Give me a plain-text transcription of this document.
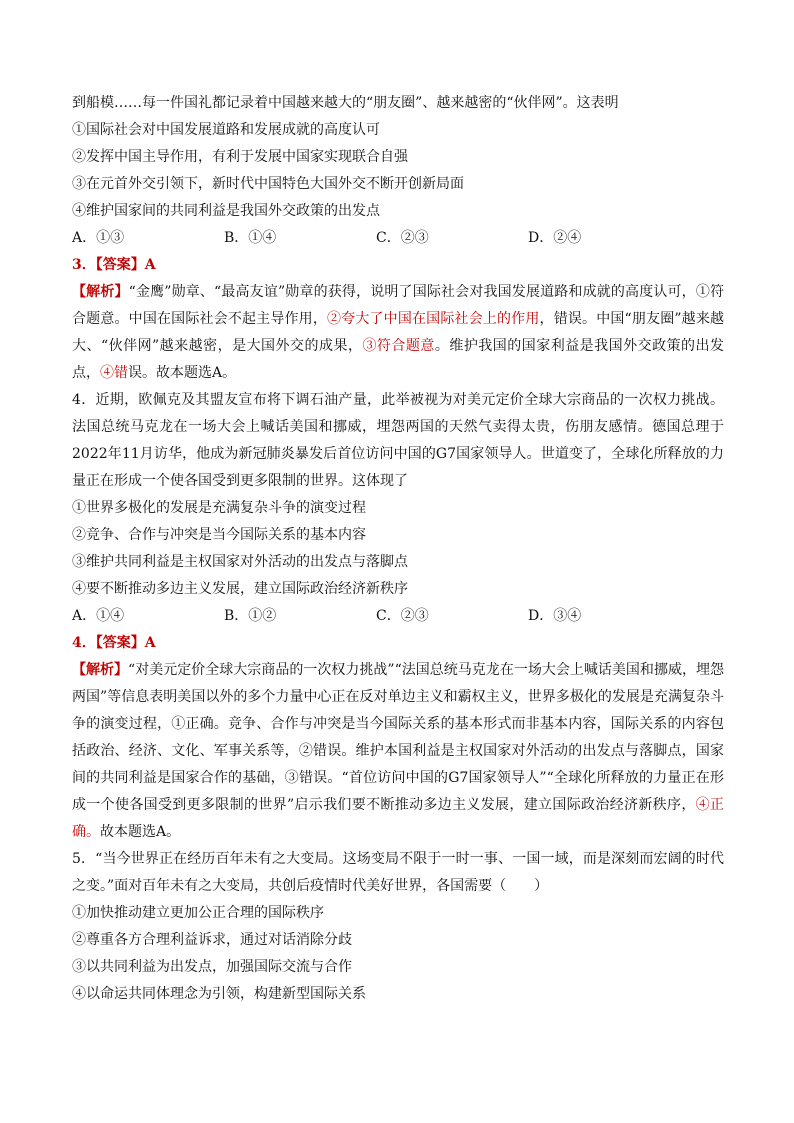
到船模……每一件国礼都记录着中国越来越大的“朋友圈”、越来越密的“伙伴网”。这表明
①国际社会对中国发展道路和发展成就的高度认可
②发挥中国主导作用，有利于发展中国家实现联合自强
③在元首外交引领下，新时代中国特色大国外交不断开创新局面
④维护国家间的共同利益是我国外交政策的出发点
A．①③	B．①④	C．②③	D．②④
3．【答案】A
【解析】“金鹰”勋章、“最高友谊”勋章的获得，说明了国际社会对我国发展道路和成就的高度认可，①符合题意。中国在国际社会不起主导作用，②夸大了中国在国际社会上的作用，错误。中国“朋友圈”越来越大、“伙伴网”越来越密，是大国外交的成果，③符合题意。维护我国的国家利益是我国外交政策的出发点，④错误。故本题选A。
4．近期，欧佩克及其盟友宣布将下调石油产量，此举被视为对美元定价全球大宗商品的一次权力挑战。法国总统马克龙在一场大会上喊话美国和挪威，埋怨两国的天然气卖得太贵，伤朋友感情。德国总理于2022年11月访华，他成为新冠肺炎暴发后首位访问中国的G7国家领导人。世道变了，全球化所释放的力量正在形成一个使各国受到更多限制的世界。这体现了
①世界多极化的发展是充满复杂斗争的演变过程
②竞争、合作与冲突是当今国际关系的基本内容
③维护共同利益是主权国家对外活动的出发点与落脚点
④要不断推动多边主义发展，建立国际政治经济新秩序
A．①④	B．①②	C．②③	D．③④
4．【答案】A
【解析】“对美元定价全球大宗商品的一次权力挑战”“法国总统马克龙在一场大会上喊话美国和挪威，埋怨两国”等信息表明美国以外的多个力量中心正在反对单边主义和霸权主义，世界多极化的发展是充满复杂斗争的演变过程，①正确。竞争、合作与冲突是当今国际关系的基本形式而非基本内容，国际关系的内容包括政治、经济、文化、军事关系等，②错误。维护本国利益是主权国家对外活动的出发点与落脚点，国家间的共同利益是国家合作的基础，③错误。“首位访问中国的G7国家领导人”“全球化所释放的力量正在形成一个使各国受到更多限制的世界”启示我们要不断推动多边主义发展，建立国际政治经济新秩序，④正确。故本题选A。
5．“当今世界正在经历百年未有之大变局。这场变局不限于一时一事、一国一域，而是深刻而宏阔的时代之变。”面对百年未有之大变局，共创后疫情时代美好世界，各国需要（　　）
①加快推动建立更加公正合理的国际秩序
②尊重各方合理利益诉求，通过对话消除分歧
③以共同利益为出发点，加强国际交流与合作
④以命运共同体理念为引领，构建新型国际关系
